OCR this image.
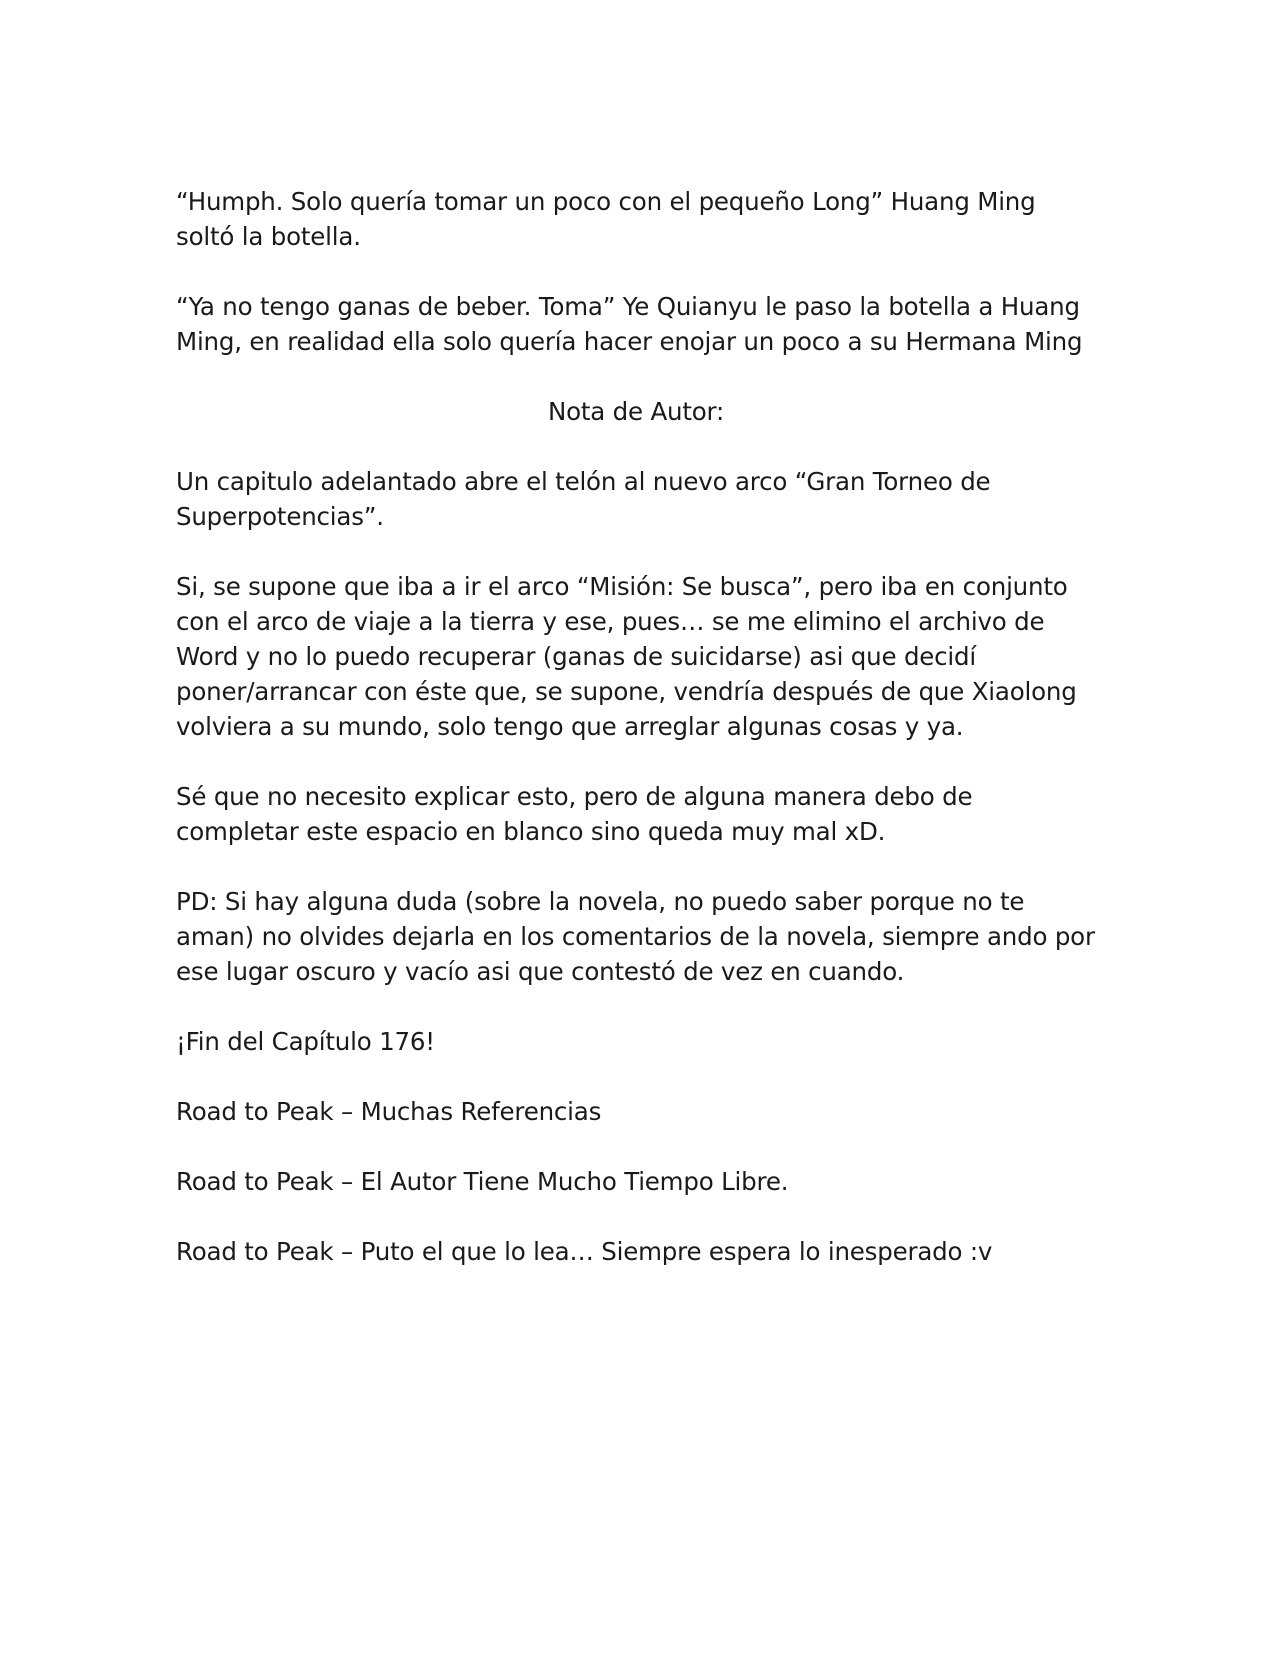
“Humph. Solo quería tomar un poco con el pequeño Long” Huang Ming soltó la botella.

“Ya no tengo ganas de beber. Toma” Ye Quianyu le paso la botella a Huang Ming, en realidad ella solo quería hacer enojar un poco a su Hermana Ming

Nota de Autor:

Un capitulo adelantado abre el telón al nuevo arco “Gran Torneo de Superpotencias”.

Si, se supone que iba a ir el arco “Misión: Se busca”, pero iba en conjunto con el arco de viaje a la tierra y ese, pues… se me elimino el archivo de Word y no lo puedo recuperar (ganas de suicidarse) asi que decidí poner/arrancar con éste que, se supone, vendría después de que Xiaolong volviera a su mundo, solo tengo que arreglar algunas cosas y ya.

Sé que no necesito explicar esto, pero de alguna manera debo de completar este espacio en blanco sino queda muy mal xD.

PD: Si hay alguna duda (sobre la novela, no puedo saber porque no te aman) no olvides dejarla en los comentarios de la novela, siempre ando por ese lugar oscuro y vacío asi que contestó de vez en cuando.

¡Fin del Capítulo 176!

Road to Peak – Muchas Referencias

Road to Peak – El Autor Tiene Mucho Tiempo Libre.

Road to Peak – Puto el que lo lea… Siempre espera lo inesperado :v
